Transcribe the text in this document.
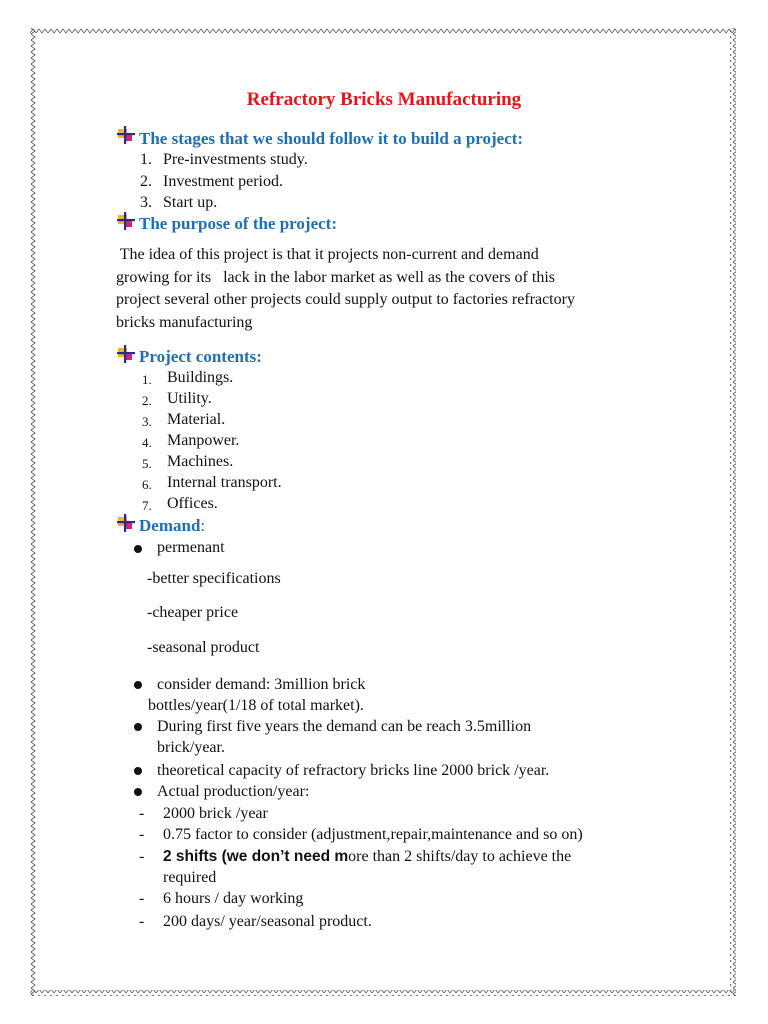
Refractory Bricks Manufacturing
The stages that we should follow it to build a project:
1. Pre-investments study.
2. Investment period.
3. Start up.
The purpose of the project:
The idea of this project is that it projects non-current and demand
growing for its   lack in the labor market as well as the covers of this
project several other projects could supply output to factories refractory
bricks manufacturing
Project contents:
1. Buildings.
2. Utility.
3. Material.
4. Manpower.
5. Machines.
6. Internal transport.
7. Offices.
Demand:
permenant
-better specifications
-cheaper price
-seasonal product
consider demand: 3million brick
bottles/year(1/18 of total market).
During first five years the demand can be reach 3.5million
brick/year.
theoretical capacity of refractory bricks line 2000 brick /year.
Actual production/year:
- 2000 brick /year
- 0.75 factor to consider (adjustment,repair,maintenance and so on)
- 2 shifts (we don’t need more than 2 shifts/day to achieve the
required
- 6 hours / day working
- 200 days/ year/seasonal product.
